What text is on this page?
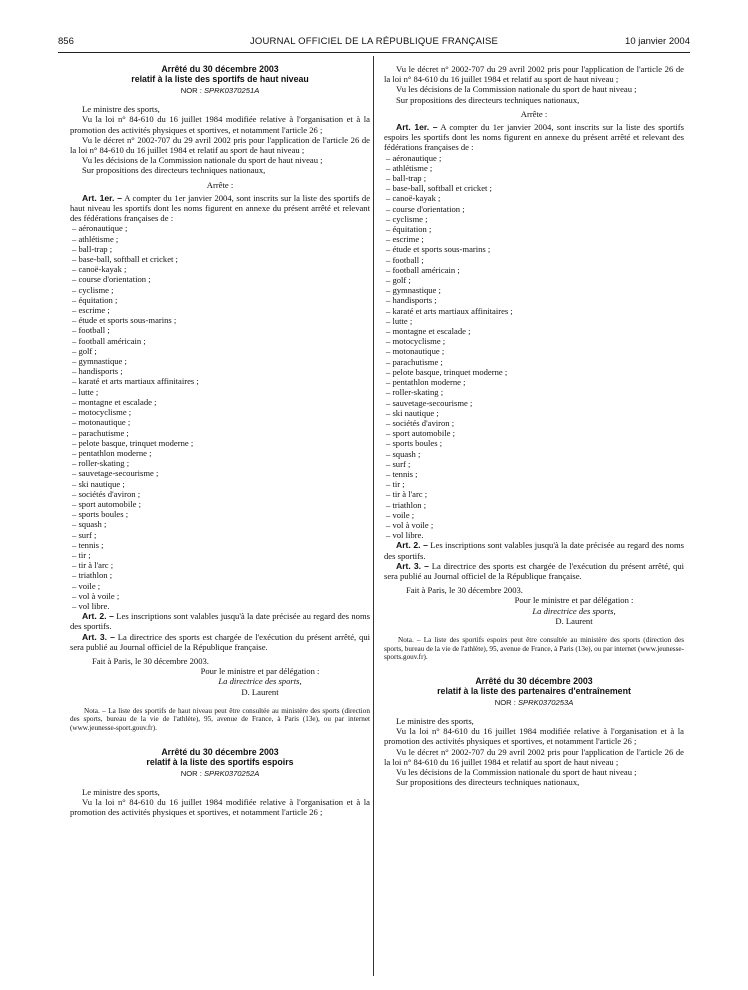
856	JOURNAL OFFICIEL DE LA RÉPUBLIQUE FRANÇAISE	10 janvier 2004
Arrêté du 30 décembre 2003
relatif à la liste des sportifs de haut niveau
NOR : SPRK0370251A

Le ministre des sports,

Vu la loi n° 84-610 du 16 juillet 1984 modifiée relative à l'organisation et à la promotion des activités physiques et sportives, et notamment l'article 26 ;

Vu le décret n° 2002-707 du 29 avril 2002 pris pour l'application de l'article 26 de la loi n° 84-610 du 16 juillet 1984 et relatif au sport de haut niveau ;

Vu les décisions de la Commission nationale du sport de haut niveau ;

Sur propositions des directeurs techniques nationaux,

Arrête :

Art. 1er. – A compter du 1er janvier 2004, sont inscrits sur la liste des sportifs de haut niveau les sportifs dont les noms figurent en annexe du présent arrêté et relevant des fédérations françaises de :

– aéronautique ;
– athlétisme ;
– ball-trap ;
– base-ball, softball et cricket ;
– canoë-kayak ;
– course d'orientation ;
– cyclisme ;
– équitation ;
– escrime ;
– étude et sports sous-marins ;
– football ;
– football américain ;
– golf ;
– gymnastique ;
– handisports ;
– karaté et arts martiaux affinitaires ;
– lutte ;
– montagne et escalade ;
– motocyclisme ;
– motonautique ;
– parachutisme ;
– pelote basque, trinquet moderne ;
– pentathlon moderne ;
– roller-skating ;
– sauvetage-secourisme ;
– ski nautique ;
– sociétés d'aviron ;
– sport automobile ;
– sports boules ;
– squash ;
– surf ;
– tennis ;
– tir ;
– tir à l'arc ;
– triathlon ;
– voile ;
– vol à voile ;
– vol libre.

Art. 2. – Les inscriptions sont valables jusqu'à la date précisée au regard des noms des sportifs.

Art. 3. – La directrice des sports est chargée de l'exécution du présent arrêté, qui sera publié au Journal officiel de la République française.

Fait à Paris, le 30 décembre 2003.

Pour le ministre et par délégation :

La directrice des sports,

D. Laurent

Nota. – La liste des sportifs de haut niveau peut être consultée au ministère des sports (direction des sports, bureau de la vie de l'athlète), 95, avenue de France, à Paris (13e), ou par internet (www.jeunesse-sport.gouv.fr).

Arrêté du 30 décembre 2003
relatif à la liste des sportifs espoirs
NOR : SPRK0370252A

Le ministre des sports,

Vu la loi n° 84-610 du 16 juillet 1984 modifiée relative à l'organisation et à la promotion des activités physiques et sportives, et notamment l'article 26 ;

Vu le décret n° 2002-707 du 29 avril 2002 pris pour l'application de l'article 26 de la loi n° 84-610 du 16 juillet 1984 et relatif au sport de haut niveau ;

Vu les décisions de la Commission nationale du sport de haut niveau ;

Sur propositions des directeurs techniques nationaux,

Arrête :

Art. 1er. – A compter du 1er janvier 2004, sont inscrits sur la liste des sportifs espoirs les sportifs dont les noms figurent en annexe du présent arrêté et relevant des fédérations françaises de :

– aéronautique ;
– athlétisme ;
– ball-trap ;
– base-ball, softball et cricket ;
– canoë-kayak ;
– course d'orientation ;
– cyclisme ;
– équitation ;
– escrime ;
– étude et sports sous-marins ;
– football ;
– football américain ;
– golf ;
– gymnastique ;
– handisports ;
– karaté et arts martiaux affinitaires ;
– lutte ;
– montagne et escalade ;
– motocyclisme ;
– motonautique ;
– parachutisme ;
– pelote basque, trinquet moderne ;
– pentathlon moderne ;
– roller-skating ;
– sauvetage-secourisme ;
– ski nautique ;
– sociétés d'aviron ;
– sport automobile ;
– sports boules ;
– squash ;
– surf ;
– tennis ;
– tir ;
– tir à l'arc ;
– triathlon ;
– voile ;
– vol à voile ;
– vol libre.

Art. 2. – Les inscriptions sont valables jusqu'à la date précisée au regard des noms des sportifs.

Art. 3. – La directrice des sports est chargée de l'exécution du présent arrêté, qui sera publié au Journal officiel de la République française.

Fait à Paris, le 30 décembre 2003.

Pour le ministre et par délégation :

La directrice des sports,

D. Laurent

Nota. – La liste des sportifs espoirs peut être consultée au ministère des sports (direction des sports, bureau de la vie de l'athlète), 95, avenue de France, à Paris (13e), ou par internet (www.jeunesse-sports.gouv.fr).

Arrêté du 30 décembre 2003
relatif à la liste des partenaires d'entraînement
NOR : SPRK0370253A

Le ministre des sports,

Vu la loi n° 84-610 du 16 juillet 1984 modifiée relative à l'organisation et à la promotion des activités physiques et sportives, et notamment l'article 26 ;

Vu le décret n° 2002-707 du 29 avril 2002 pris pour l'application de l'article 26 de la loi n° 84-610 du 16 juillet 1984 et relatif au sport de haut niveau ;

Vu les décisions de la Commission nationale du sport de haut niveau ;

Sur propositions des directeurs techniques nationaux,
